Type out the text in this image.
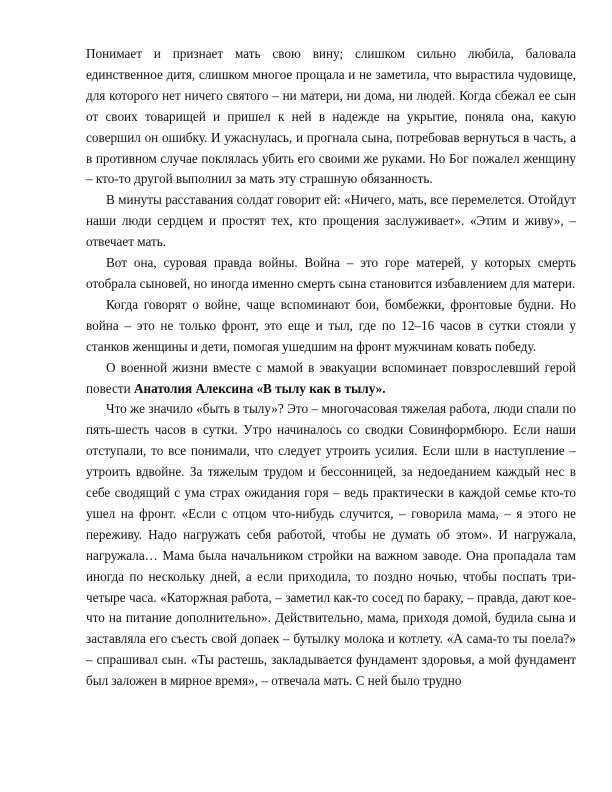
Понимает и признает мать свою вину; слишком сильно любила, баловала единственное дитя, слишком многое прощала и не заметила, что вырастила чудовище, для которого нет ничего святого – ни матери, ни дома, ни людей. Когда сбежал ее сын от своих товарищей и пришел к ней в надежде на укрытие, поняла она, какую совершил он ошибку. И ужаснулась, и прогнала сына, потребовав вернуться в часть, а в противном случае поклялась убить его своими же руками. Но Бог пожалел женщину – кто-то другой выполнил за мать эту страшную обязанность.

В минуты расставания солдат говорит ей: «Ничего, мать, все перемелется. Отойдут наши люди сердцем и простят тех, кто прощения заслуживает». «Этим и живу», – отвечает мать.

Вот она, суровая правда войны. Война – это горе матерей, у которых смерть отобрала сыновей, но иногда именно смерть сына становится избавлением для матери.

Когда говорят о войне, чаще вспоминают бои, бомбежки, фронтовые будни. Но война – это не только фронт, это еще и тыл, где по 12–16 часов в сутки стояли у станков женщины и дети, помогая ушедшим на фронт мужчинам ковать победу.

О военной жизни вместе с мамой в эвакуации вспоминает повзрослевший герой повести Анатолия Алексина «В тылу как в тылу».

Что же значило «быть в тылу»? Это – многочасовая тяжелая работа, люди спали по пять-шесть часов в сутки. Утро начиналось со сводки Совинформбюро. Если наши отступали, то все понимали, что следует утроить усилия. Если шли в наступление – утроить вдвойне. За тяжелым трудом и бессонницей, за недоеданием каждый нес в себе сводящий с ума страх ожидания горя – ведь практически в каждой семье кто-то ушел на фронт. «Если с отцом что-нибудь случится, – говорила мама, – я этого не переживу. Надо нагружать себя работой, чтобы не думать об этом». И нагружала, нагружала… Мама была начальником стройки на важном заводе. Она пропадала там иногда по нескольку дней, а если приходила, то поздно ночью, чтобы поспать три-четыре часа. «Каторжная работа, – заметил как-то сосед по бараку, – правда, дают кое-что на питание дополнительно». Действительно, мама, приходя домой, будила сына и заставляла его съесть свой допаек – бутылку молока и котлету. «А сама-то ты поела?» – спрашивал сын. «Ты растешь, закладывается фундамент здоровья, а мой фундамент был заложен в мирное время», – отвечала мать. С ней было трудно
